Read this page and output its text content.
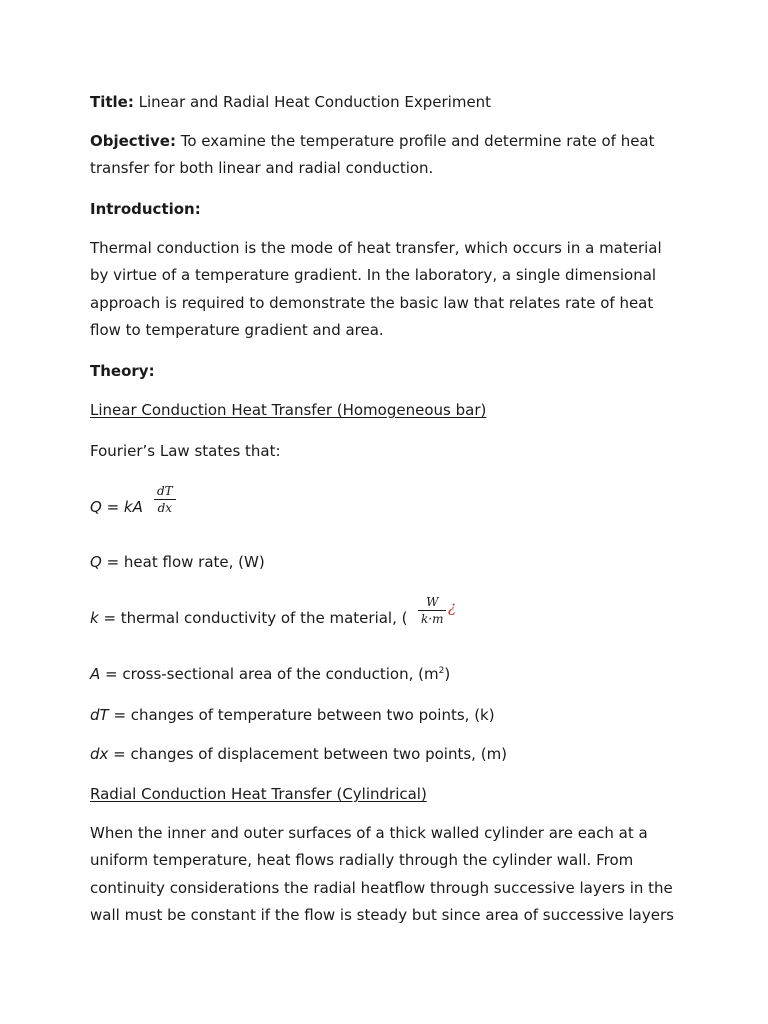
Title: Linear and Radial Heat Conduction Experiment
Objective: To examine the temperature profile and determine rate of heat
transfer for both linear and radial conduction.
Introduction:
Thermal conduction is the mode of heat transfer, which occurs in a material
by virtue of a temperature gradient. In the laboratory, a single dimensional
approach is required to demonstrate the basic law that relates rate of heat
flow to temperature gradient and area.
Theory:
Linear Conduction Heat Transfer (Homogeneous bar)
Fourier’s Law states that:
Q = kA
dT
dx
Q = heat flow rate, (W)
k = thermal conductivity of the material, (
W
k·m
¿
A = cross-sectional area of the conduction, $(m^2)$
dT = changes of temperature between two points, (k)
dx = changes of displacement between two points, (m)
Radial Conduction Heat Transfer (Cylindrical)
When the inner and outer surfaces of a thick walled cylinder are each at a
uniform temperature, heat flows radially through the cylinder wall. From
continuity considerations the radial heatflow through successive layers in the
wall must be constant if the flow is steady but since area of successive layers
